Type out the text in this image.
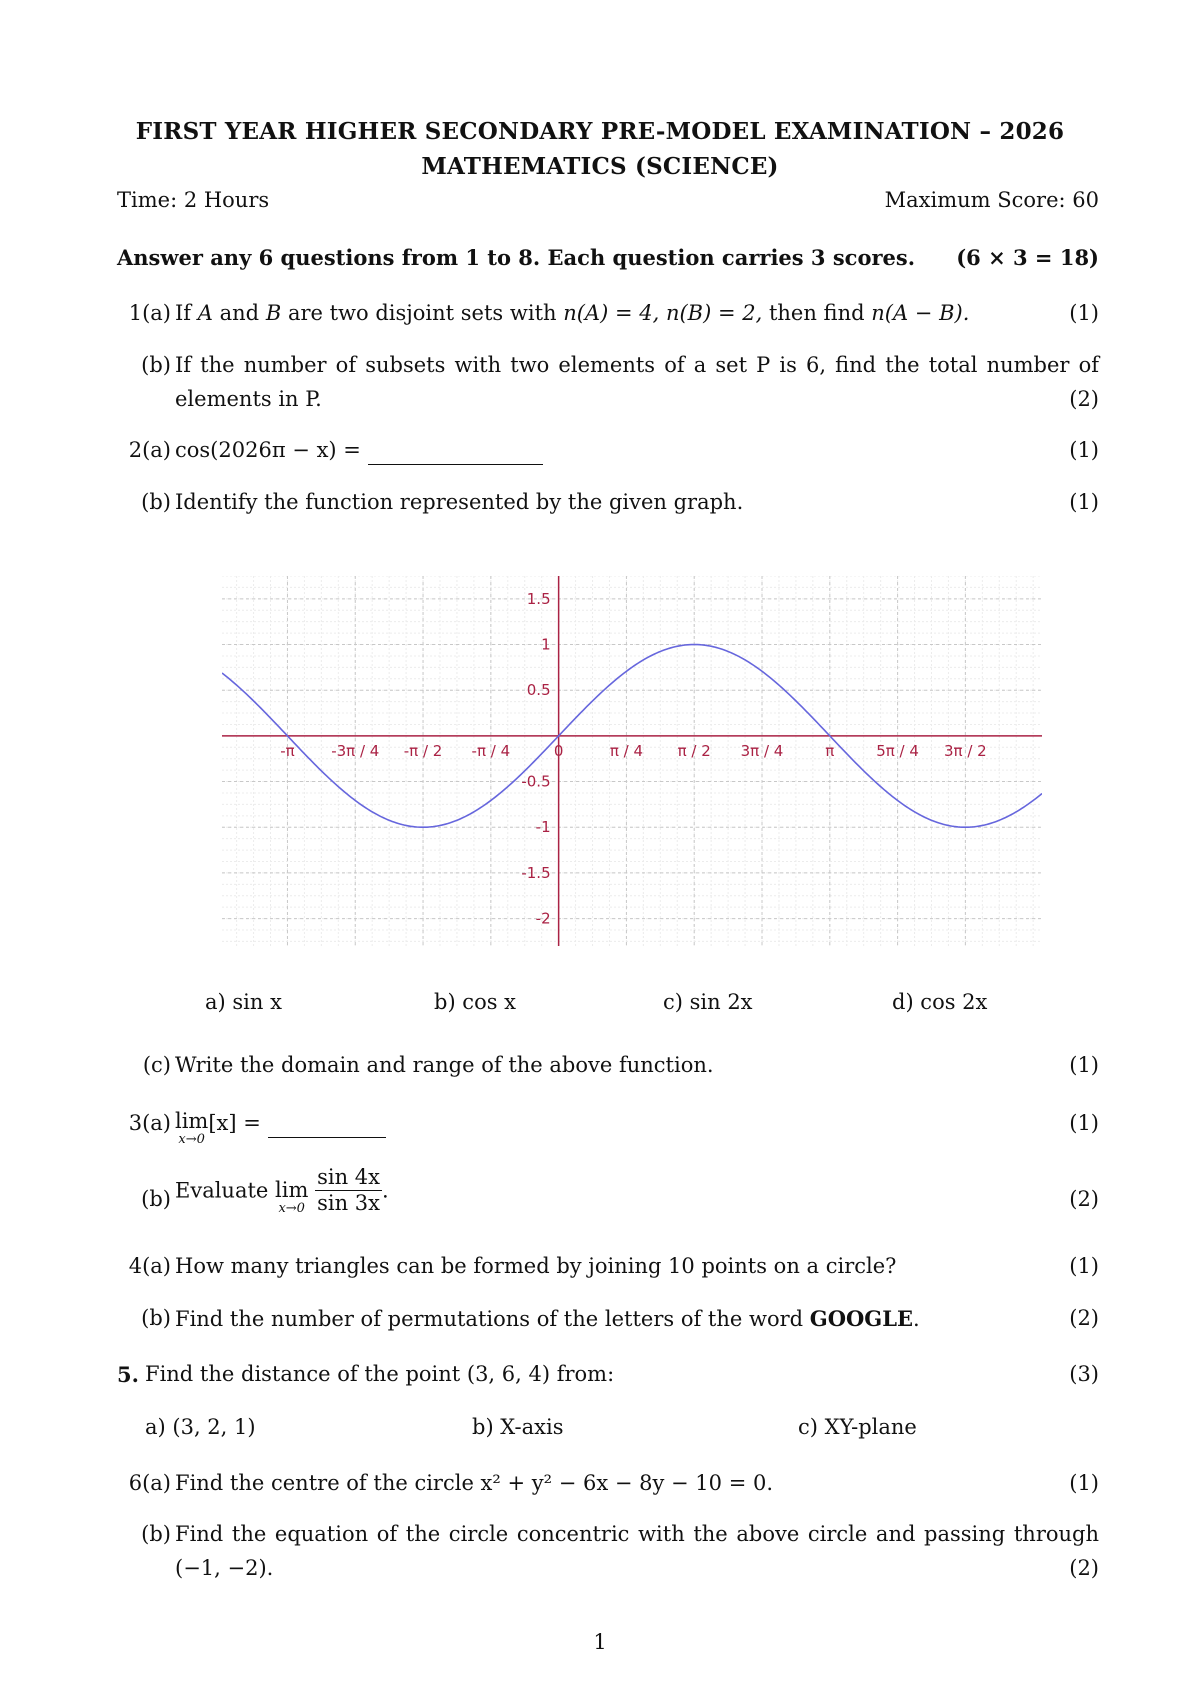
FIRST YEAR HIGHER SECONDARY PRE-MODEL EXAMINATION – 2026
MATHEMATICS (SCIENCE)
Time: 2 Hours	Maximum Score: 60
Answer any 6 questions from 1 to 8. Each question carries 3 scores. (6 × 3 = 18)
1(a) If A and B are two disjoint sets with n(A) = 4, n(B) = 2, then find n(A − B).	(1)
(b) If the number of subsets with two elements of a set P is 6, find the total number of
elements in P.	(2)
2(a) cos(2026π − x) =	(1)
(b) Identify the function represented by the given graph.	(1)
-π -3π / 4 -π / 2 -π / 4	0	π / 4 π / 2 3π / 4	π	5π / 4 3π / 2
1.5
1
0.5
-0.5
-1
-1.5
-2
a) sin x	b) cos x	c) sin 2x	d) cos 2x
(c) Write the domain and range of the above function.	(1)
3(a) lim
x→0
[x] =	(1)
(b) Evaluate lim
x→0
$\frac{\sin 4x}{\sin 3x}$ .	(2)
4(a) How many triangles can be formed by joining 10 points on a circle?	(1)
(b) Find the number of permutations of the letters of the word GOOGLE.	(2)
5. Find the distance of the point (3, 6, 4) from:	(3)
a) (3, 2, 1)	b) X-axis	c) XY-plane
6(a) Find the centre of the circle x² + y² − 6x − 8y − 10 = 0.	(1)
(b) Find the equation of the circle concentric with the above circle and passing through
(−1, −2).	(2)
1
